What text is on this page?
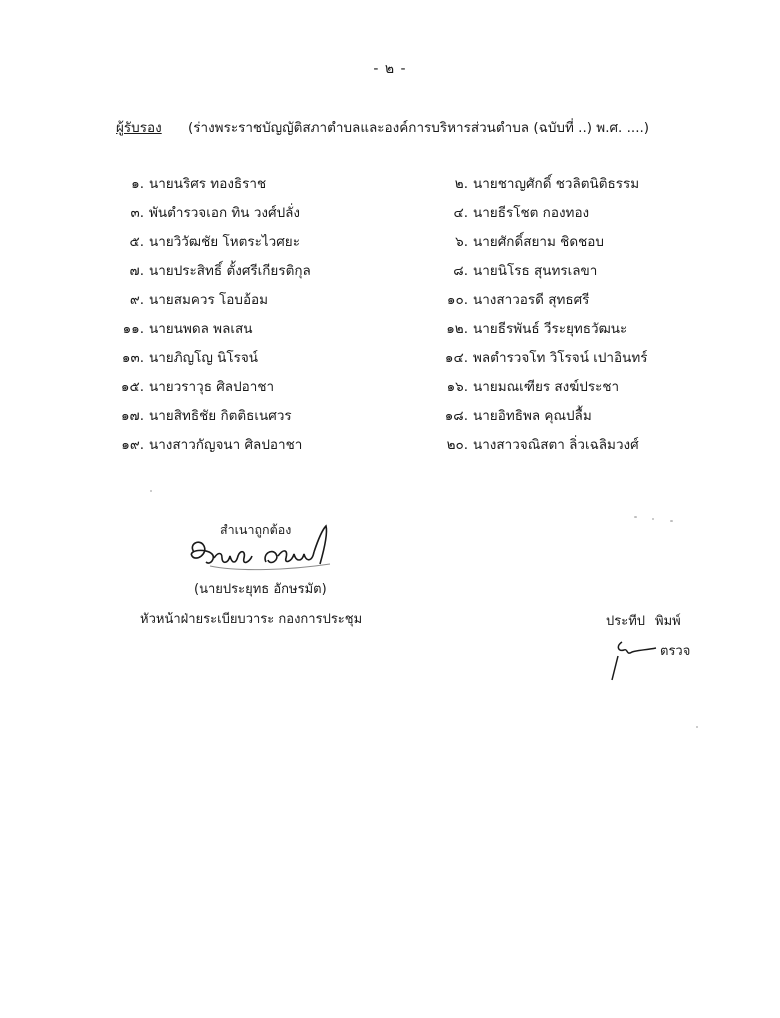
- ๒ -
ผู้รับรอง (ร่างพระราชบัญญัติสภาตำบลและองค์การบริหารส่วนตำบล (ฉบับที่ ..) พ.ศ. ....)
๑. นายนริศร ทองธิราช
๓. พันตำรวจเอก ทิน วงศ์ปลั่ง
๕. นายวิวัฒชัย โหตระไวศยะ
๗. นายประสิทธิ์ ตั้งศรีเกียรติกุล
๙. นายสมควร โอบอ้อม
๑๑. นายนพดล พลเสน
๑๓. นายภิญโญ นิโรจน์
๑๕. นายวราวุธ ศิลปอาชา
๑๗. นายสิทธิชัย กิตติธเนศวร
๑๙. นางสาวกัญจนา ศิลปอาชา
๒. นายชาญศักดิ์ ชวลิตนิติธรรม
๔. นายธีรโชต กองทอง
๖. นายศักดิ์สยาม ชิดชอบ
๘. นายนิโรธ สุนทรเลขา
๑๐. นางสาวอรดี สุทธศรี
๑๒. นายธีรพันธ์ วีระยุทธวัฒนะ
๑๔. พลตำรวจโท วิโรจน์ เปาอินทร์
๑๖. นายมณเฑียร สงฆ์ประชา
๑๘. นายอิทธิพล คุณปลื้ม
๒๐. นางสาวจณิสตา ลิ่วเฉลิมวงศ์
สำเนาถูกต้อง
(นายประยุทธ อักษรมัต)
หัวหน้าฝ่ายระเบียบวาระ กองการประชุม	ประทีป พิมพ์
ตรวจ
